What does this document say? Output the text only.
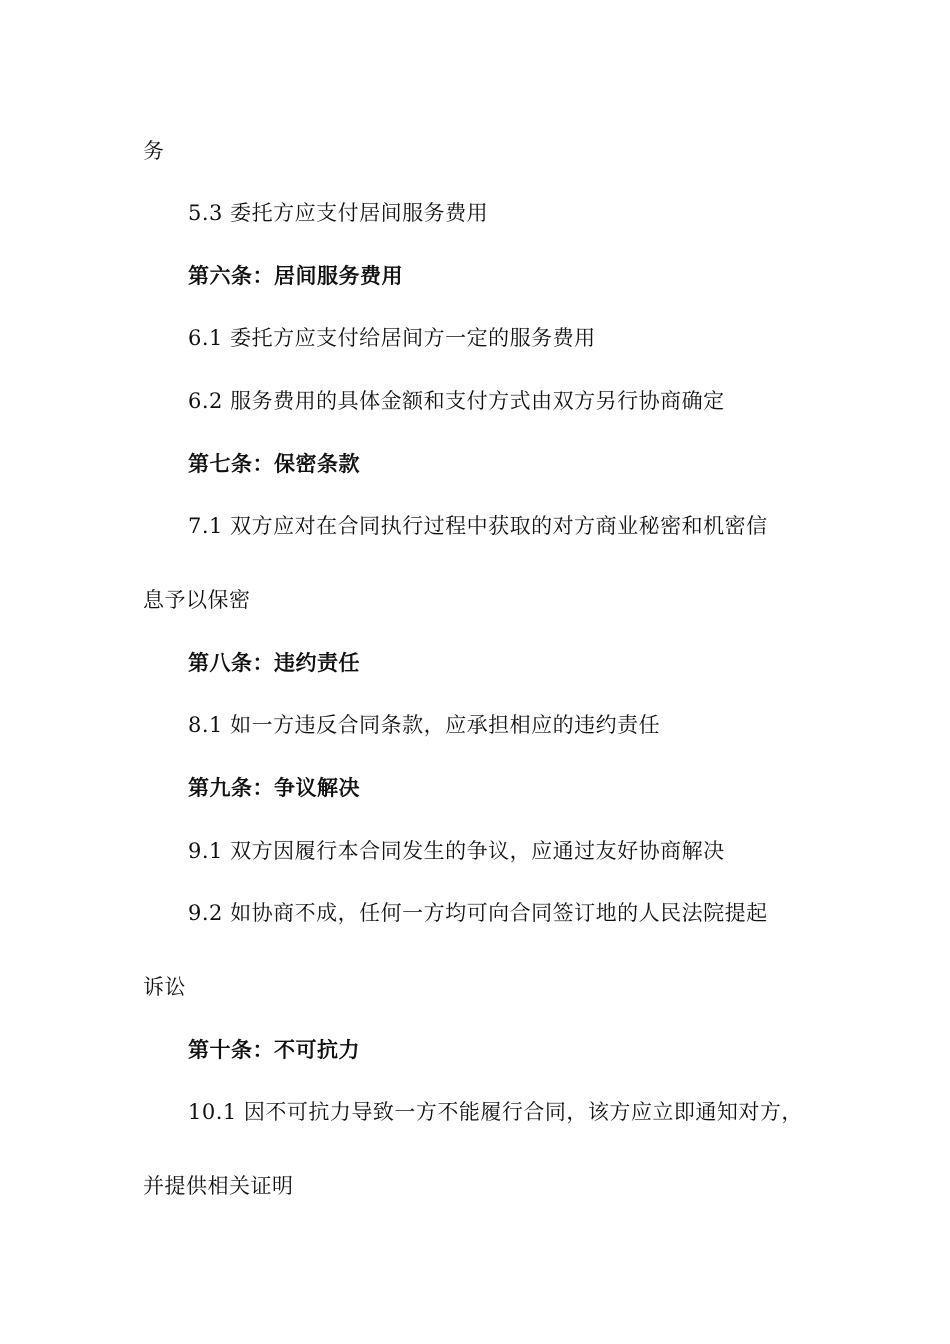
务
5.3 委托方应支付居间服务费用
第六条：居间服务费用
6.1 委托方应支付给居间方一定的服务费用
6.2 服务费用的具体金额和支付方式由双方另行协商确定
第七条：保密条款
7.1 双方应对在合同执行过程中获取的对方商业秘密和机密信
息予以保密
第八条：违约责任
8.1 如一方违反合同条款，应承担相应的违约责任
第九条：争议解决
9.1 双方因履行本合同发生的争议，应通过友好协商解决
9.2 如协商不成，任何一方均可向合同签订地的人民法院提起
诉讼
第十条：不可抗力
10.1 因不可抗力导致一方不能履行合同，该方应立即通知对方，
并提供相关证明
